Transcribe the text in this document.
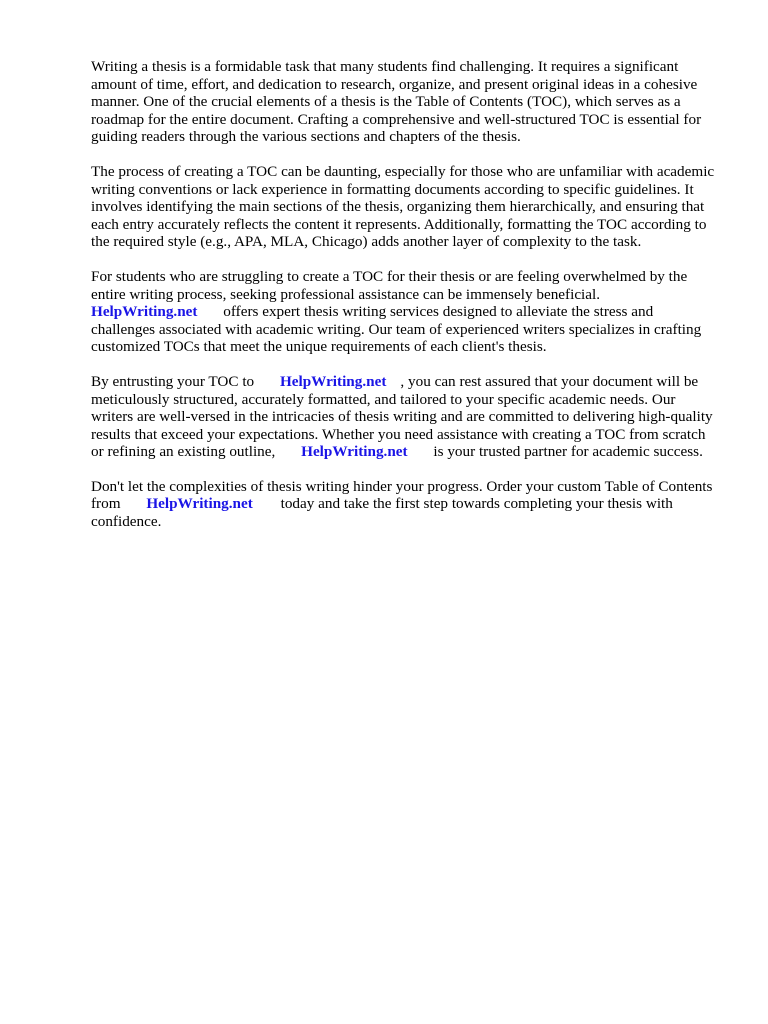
Writing a thesis is a formidable task that many students find challenging. It requires a significant amount of time, effort, and dedication to research, organize, and present original ideas in a cohesive manner. One of the crucial elements of a thesis is the Table of Contents (TOC), which serves as a roadmap for the entire document. Crafting a comprehensive and well-structured TOC is essential for guiding readers through the various sections and chapters of the thesis.

The process of creating a TOC can be daunting, especially for those who are unfamiliar with academic writing conventions or lack experience in formatting documents according to specific guidelines. It involves identifying the main sections of the thesis, organizing them hierarchically, and ensuring that each entry accurately reflects the content it represents. Additionally, formatting the TOC according to the required style (e.g., APA, MLA, Chicago) adds another layer of complexity to the task.

For students who are struggling to create a TOC for their thesis or are feeling overwhelmed by the entire writing process, seeking professional assistance can be immensely beneficial.
HelpWriting.net offers expert thesis writing services designed to alleviate the stress and challenges associated with academic writing. Our team of experienced writers specializes in crafting customized TOCs that meet the unique requirements of each client's thesis.

By entrusting your TOC to HelpWriting.net , you can rest assured that your document will be meticulously structured, accurately formatted, and tailored to your specific academic needs. Our writers are well-versed in the intricacies of thesis writing and are committed to delivering high-quality results that exceed your expectations. Whether you need assistance with creating a TOC from scratch or refining an existing outline, HelpWriting.net is your trusted partner for academic success.

Don't let the complexities of thesis writing hinder your progress. Order your custom Table of Contents from HelpWriting.net today and take the first step towards completing your thesis with confidence.
